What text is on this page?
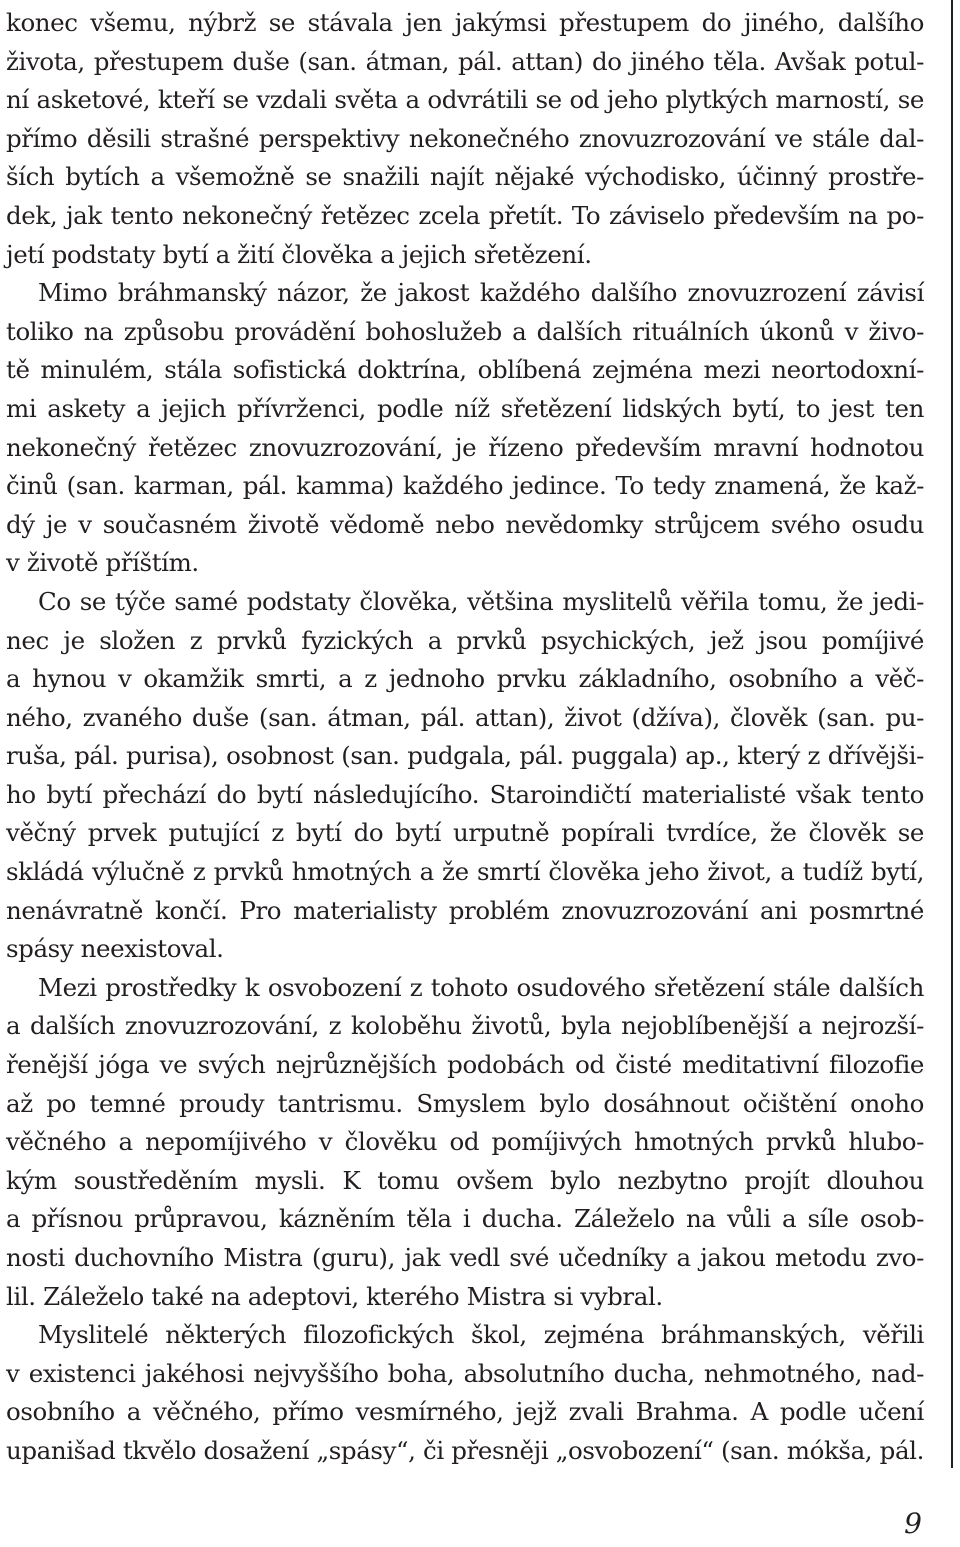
konec všemu, nýbrž se stávala jen jakýmsi přestupem do jiného, dalšího
života, přestupem duše (san. átman, pál. attan) do jiného těla. Avšak potul-
ní asketové, kteří se vzdali světa a odvrátili se od jeho plytkých marností, se
přímo děsili strašné perspektivy nekonečného znovuzrozování ve stále dal-
ších bytích a všemožně se snažili najít nějaké východisko, účinný prostře-
dek, jak tento nekonečný řetězec zcela přetít. To záviselo především na po-
jetí podstaty bytí a žití člověka a jejich sřetězení.
Mimo bráhmanský názor, že jakost každého dalšího znovuzrození závisí
toliko na způsobu provádění bohoslužeb a dalších rituálních úkonů v živo-
tě minulém, stála sofistická doktrína, oblíbená zejména mezi neortodoxní-
mi askety a jejich přívrženci, podle níž sřetězení lidských bytí, to jest ten
nekonečný řetězec znovuzrozování, je řízeno především mravní hodnotou
činů (san. karman, pál. kamma) každého jedince. To tedy znamená, že kaž-
dý je v současném životě vědomě nebo nevědomky strůjcem svého osudu
v životě příštím.
Co se týče samé podstaty člověka, většina myslitelů věřila tomu, že jedi-
nec je složen z prvků fyzických a prvků psychických, jež jsou pomíjivé
a hynou v okamžik smrti, a z jednoho prvku základního, osobního a věč-
ného, zvaného duše (san. átman, pál. attan), život (džíva), člověk (san. pu-
ruša, pál. purisa), osobnost (san. pudgala, pál. puggala) ap., který z dřívějši-
ho bytí přechází do bytí následujícího. Staroindičtí materialisté však tento
věčný prvek putující z bytí do bytí urputně popírali tvrdíce, že člověk se
skládá výlučně z prvků hmotných a že smrtí člověka jeho život, a tudíž bytí,
nenávratně končí. Pro materialisty problém znovuzrozování ani posmrtné
spásy neexistoval.
Mezi prostředky k osvobození z tohoto osudového sřetězení stále dalších
a dalších znovuzrozování, z koloběhu životů, byla nejoblíbenější a nejrozší-
řenější jóga ve svých nejrůznějších podobách od čisté meditativní filozofie
až po temné proudy tantrismu. Smyslem bylo dosáhnout očištění onoho
věčného a nepomíjivého v člověku od pomíjivých hmotných prvků hlubo-
kým soustředěním mysli. K tomu ovšem bylo nezbytno projít dlouhou
a přísnou průpravou, kázněním těla i ducha. Záleželo na vůli a síle osob-
nosti duchovního Mistra (guru), jak vedl své učedníky a jakou metodu zvo-
lil. Záleželo také na adeptovi, kterého Mistra si vybral.
Myslitelé některých filozofických škol, zejména bráhmanských, věřili
v existenci jakéhosi nejvyššího boha, absolutního ducha, nehmotného, nad-
osobního a věčného, přímo vesmírného, jejž zvali Brahma. A podle učení
upanišad tkvělo dosažení „spásy“, či přesněji „osvobození“ (san. mókša, pál.
9
